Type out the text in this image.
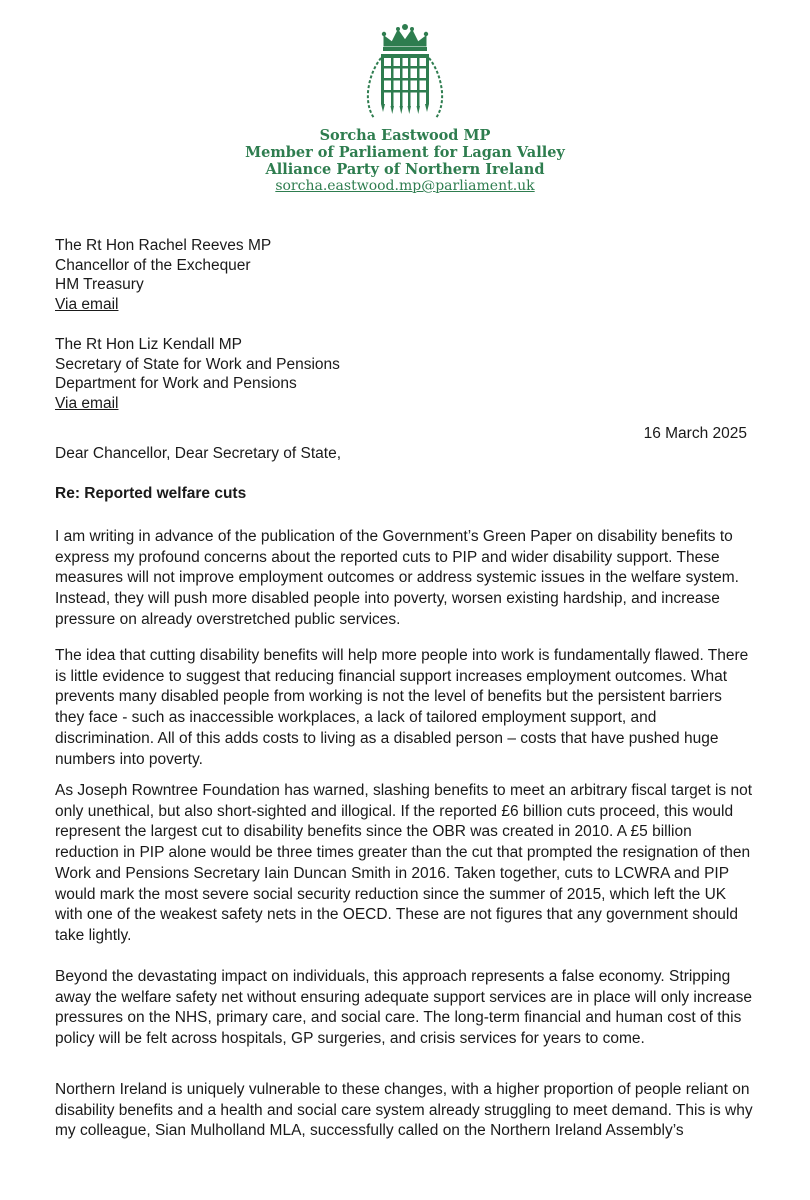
Sorcha Eastwood MP
Member of Parliament for Lagan Valley
Alliance Party of Northern Ireland
sorcha.eastwood.mp@parliament.uk
The Rt Hon Rachel Reeves MP
Chancellor of the Exchequer
HM Treasury
Via email
The Rt Hon Liz Kendall MP
Secretary of State for Work and Pensions
Department for Work and Pensions
Via email
16 March 2025
Dear Chancellor, Dear Secretary of State,
Re: Reported welfare cuts

I am writing in advance of the publication of the Government’s Green Paper on disability benefits to
express my profound concerns about the reported cuts to PIP and wider disability support. These
measures will not improve employment outcomes or address systemic issues in the welfare system.
Instead, they will push more disabled people into poverty, worsen existing hardship, and increase
pressure on already overstretched public services.

The idea that cutting disability benefits will help more people into work is fundamentally flawed. There
is little evidence to suggest that reducing financial support increases employment outcomes. What
prevents many disabled people from working is not the level of benefits but the persistent barriers
they face - such as inaccessible workplaces, a lack of tailored employment support, and
discrimination. All of this adds costs to living as a disabled person – costs that have pushed huge
numbers into poverty.

As Joseph Rowntree Foundation has warned, slashing benefits to meet an arbitrary fiscal target is not
only unethical, but also short-sighted and illogical. If the reported £6 billion cuts proceed, this would
represent the largest cut to disability benefits since the OBR was created in 2010. A £5 billion
reduction in PIP alone would be three times greater than the cut that prompted the resignation of then
Work and Pensions Secretary Iain Duncan Smith in 2016. Taken together, cuts to LCWRA and PIP
would mark the most severe social security reduction since the summer of 2015, which left the UK
with one of the weakest safety nets in the OECD. These are not figures that any government should
take lightly.

Beyond the devastating impact on individuals, this approach represents a false economy. Stripping
away the welfare safety net without ensuring adequate support services are in place will only increase
pressures on the NHS, primary care, and social care. The long-term financial and human cost of this
policy will be felt across hospitals, GP surgeries, and crisis services for years to come.

Northern Ireland is uniquely vulnerable to these changes, with a higher proportion of people reliant on
disability benefits and a health and social care system already struggling to meet demand. This is why
my colleague, Sian Mulholland MLA, successfully called on the Northern Ireland Assembly’s
